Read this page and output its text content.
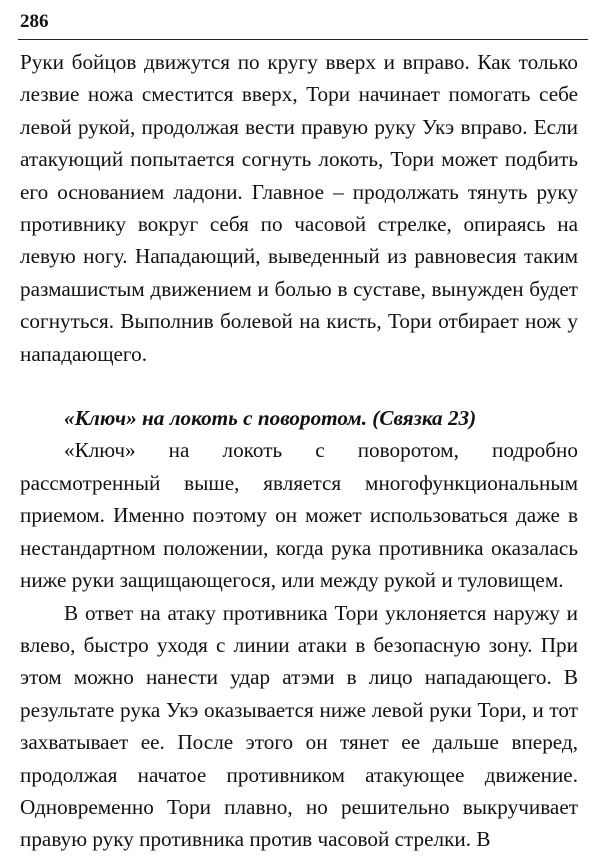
286

Руки бойцов движутся по кругу вверх и вправо. Как только лезвие ножа сместится вверх, Тори начинает помогать себе левой рукой, продолжая вести правую руку Укэ вправо. Если атакующий попытается согнуть локоть, Тори может подбить его основанием ладони. Главное – продолжать тянуть руку противнику вокруг себя по часовой стрелке, опираясь на левую ногу. Нападающий, выведенный из равновесия таким размашистым движением и болью в суставе, вынужден будет согнуться. Выполнив болевой на кисть, Тори отбирает нож у нападающего.

«Ключ» на локоть с поворотом. (Связка 23)

«Ключ» на локоть с поворотом, подробно рассмотренный выше, является многофункциональным приемом. Именно поэтому он может использоваться даже в нестандартном положении, когда рука противника оказалась ниже руки защищающегося, или между рукой и туловищем.

В ответ на атаку противника Тори уклоняется наружу и влево, быстро уходя с линии атаки в безопасную зону. При этом можно нанести удар атэми в лицо нападающего. В результате рука Укэ оказывается ниже левой руки Тори, и тот захватывает ее. После этого он тянет ее дальше вперед, продолжая начатое противником атакующее движение. Одновременно Тори плавно, но решительно выкручивает правую руку противника против часовой стрелки. В
